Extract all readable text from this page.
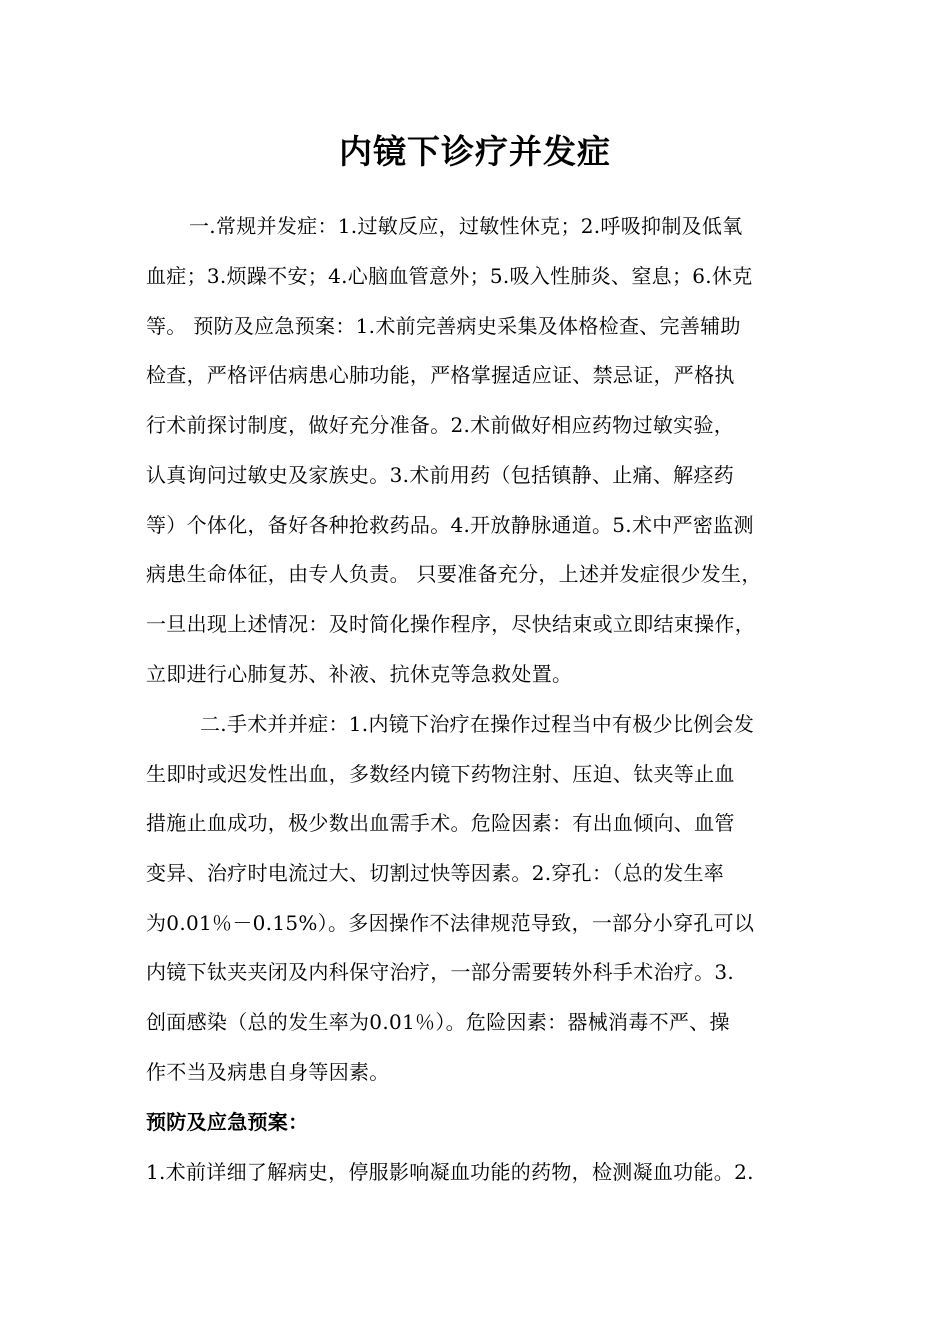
内镜下诊疗并发症
一.常规并发症：1.过敏反应，过敏性休克；2.呼吸抑制及低氧
血症；3.烦躁不安；4.心脑血管意外；5.吸入性肺炎、窒息；6.休克
等。 预防及应急预案：1.术前完善病史采集及体格检查、完善辅助
检查，严格评估病患心肺功能，严格掌握适应证、禁忌证，严格执
行术前探讨制度，做好充分准备。2.术前做好相应药物过敏实验，
认真询问过敏史及家族史。3.术前用药（包括镇静、止痛、解痉药
等）个体化，备好各种抢救药品。4.开放静脉通道。5.术中严密监测
病患生命体征，由专人负责。 只要准备充分，上述并发症很少发生，
一旦出现上述情况：及时简化操作程序，尽快结束或立即结束操作，
立即进行心肺复苏、补液、抗休克等急救处置。
二.手术并并症：1.内镜下治疗在操作过程当中有极少比例会发
生即时或迟发性出血，多数经内镜下药物注射、压迫、钛夹等止血
措施止血成功，极少数出血需手术。危险因素：有出血倾向、血管
变异、治疗时电流过大、切割过快等因素。2.穿孔：（总的发生率
为0.01％－0.15%）。多因操作不法律规范导致，一部分小穿孔可以
内镜下钛夹夹闭及内科保守治疗，一部分需要转外科手术治疗。3.
创面感染（总的发生率为0.01％）。危险因素：器械消毒不严、操
作不当及病患自身等因素。
预防及应急预案：
1.术前详细了解病史，停服影响凝血功能的药物，检测凝血功能。2.
